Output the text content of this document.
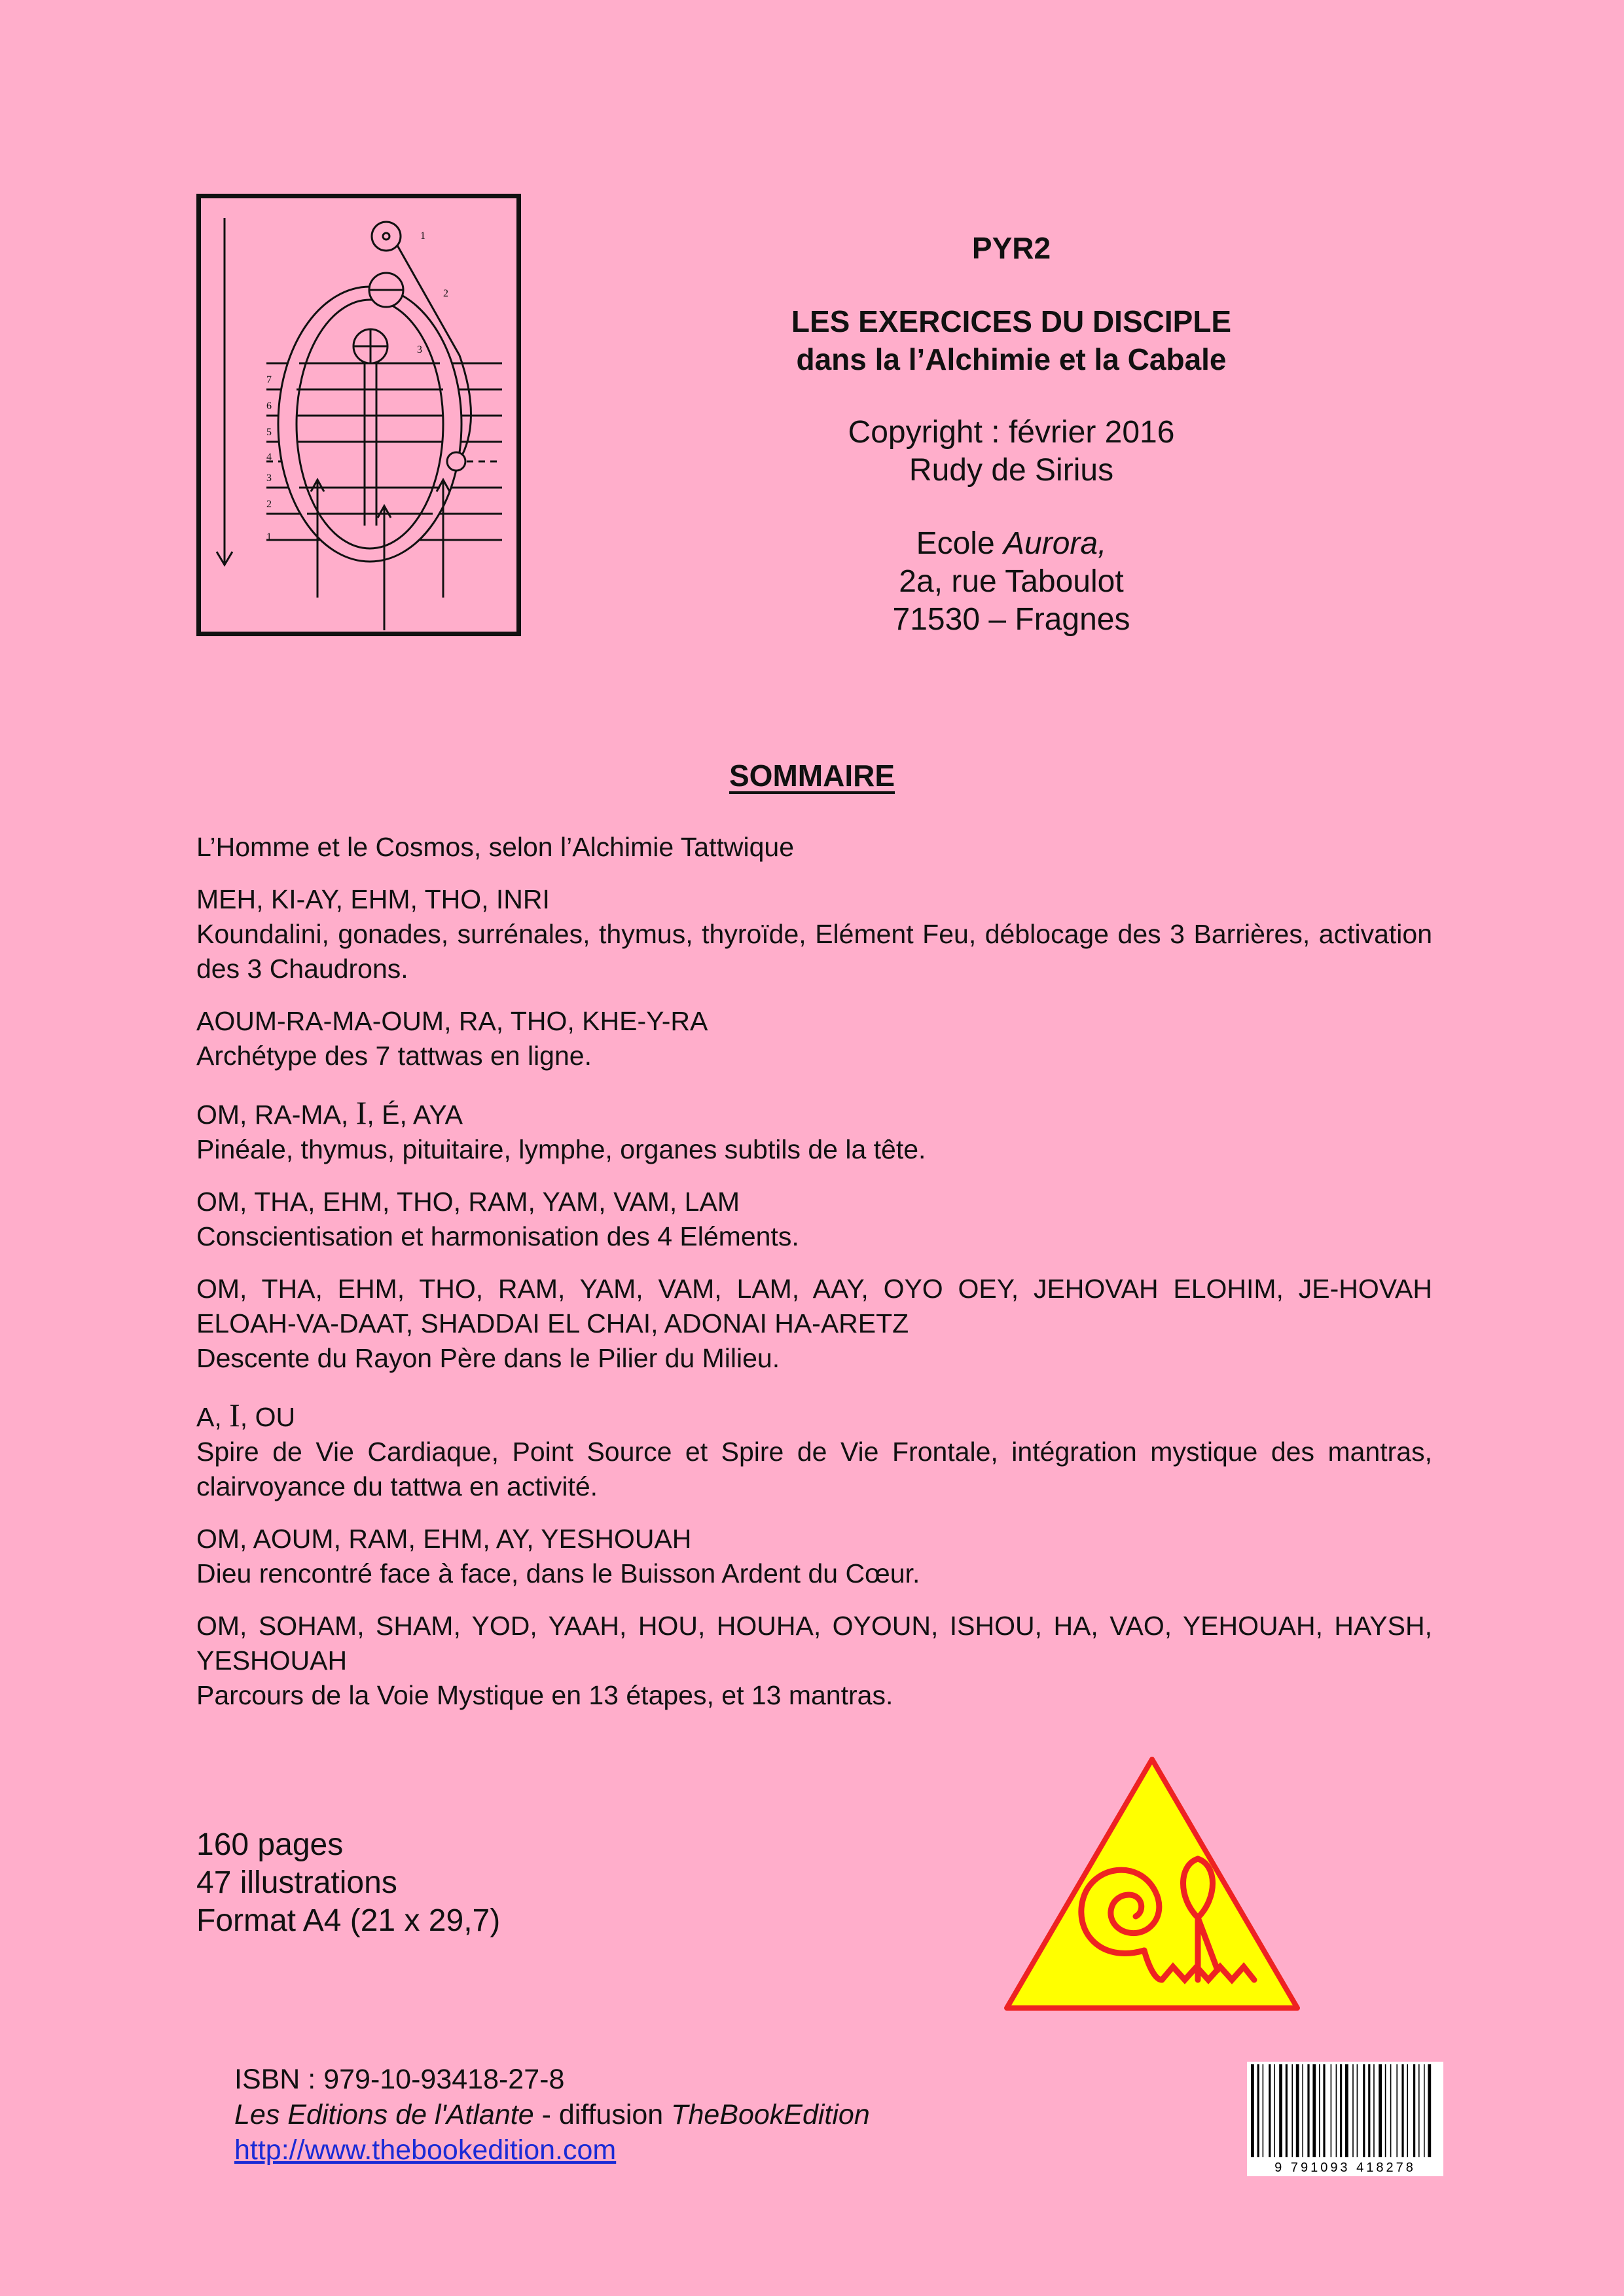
1
2
3
7
6
5
4
3
2
1
PYR2
LES EXERCICES DU DISCIPLE
dans la l’Alchimie et la Cabale
Copyright : février 2016
Rudy de Sirius
Ecole Aurora,
2a, rue Taboulot
71530 – Fragnes
SOMMAIRE
L’Homme et le Cosmos, selon l’Alchimie Tattwique
MEH, KI-AY, EHM, THO, INRI
Koundalini, gonades, surrénales, thymus, thyroïde, Elément Feu, déblocage des 3 Barrières, activation des 3 Chaudrons.
AOUM-RA-MA-OUM, RA, THO, KHE-Y-RA
Archétype des 7 tattwas en ligne.
OM, RA-MA, I, É, AYA
Pinéale, thymus, pituitaire, lymphe, organes subtils de la tête.
OM, THA, EHM, THO, RAM, YAM, VAM, LAM
Conscientisation et harmonisation des 4 Eléments.
OM, THA, EHM, THO, RAM, YAM, VAM, LAM, AAY, OYO OEY, JEHOVAH ELOHIM, JE-HOVAH ELOAH-VA-DAAT, SHADDAI EL CHAI, ADONAI HA-ARETZ
Descente du Rayon Père dans le Pilier du Milieu.
A, I, OU
Spire de Vie Cardiaque, Point Source et Spire de Vie Frontale, intégration mystique des mantras, clairvoyance du tattwa en activité.
OM, AOUM, RAM, EHM, AY, YESHOUAH
Dieu rencontré face à face, dans le Buisson Ardent du Cœur.
OM, SOHAM, SHAM, YOD, YAAH, HOU, HOUHA, OYOUN, ISHOU, HA, VAO, YEHOUAH, HAYSH, YESHOUAH
Parcours de la Voie Mystique en 13 étapes, et 13 mantras.
160 pages
47 illustrations
Format A4 (21 x 29,7)
ISBN : 979-10-93418-27-8
Les Editions de l'Atlante - diffusion TheBookEdition
http://www.thebookedition.com
9 791093 418278
